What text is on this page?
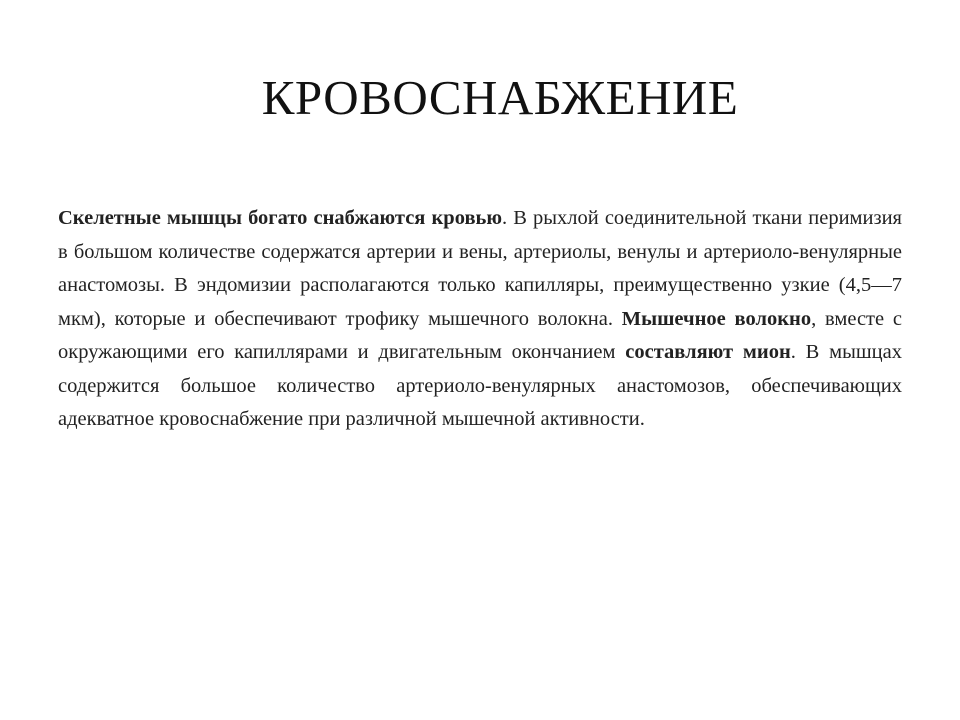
КРОВОСНАБЖЕНИЕ

Скелетные мышцы богато снабжаются кровью. В рыхлой соединительной ткани перимизия в большом количестве содержатся артерии и вены, артериолы, венулы и артериоло-венулярные анастомозы. В эндомизии располагаются только капилляры, преимущественно узкие (4,5—7 мкм), которые и обеспечивают трофику мышечного волокна. Мышечное волокно, вместе с окружающими его капиллярами и двигательным окончанием составляют мион. В мышцах содержится большое количество артериоло-венулярных анастомозов, обеспечивающих адекватное кровоснабжение при различной мышечной активности.
